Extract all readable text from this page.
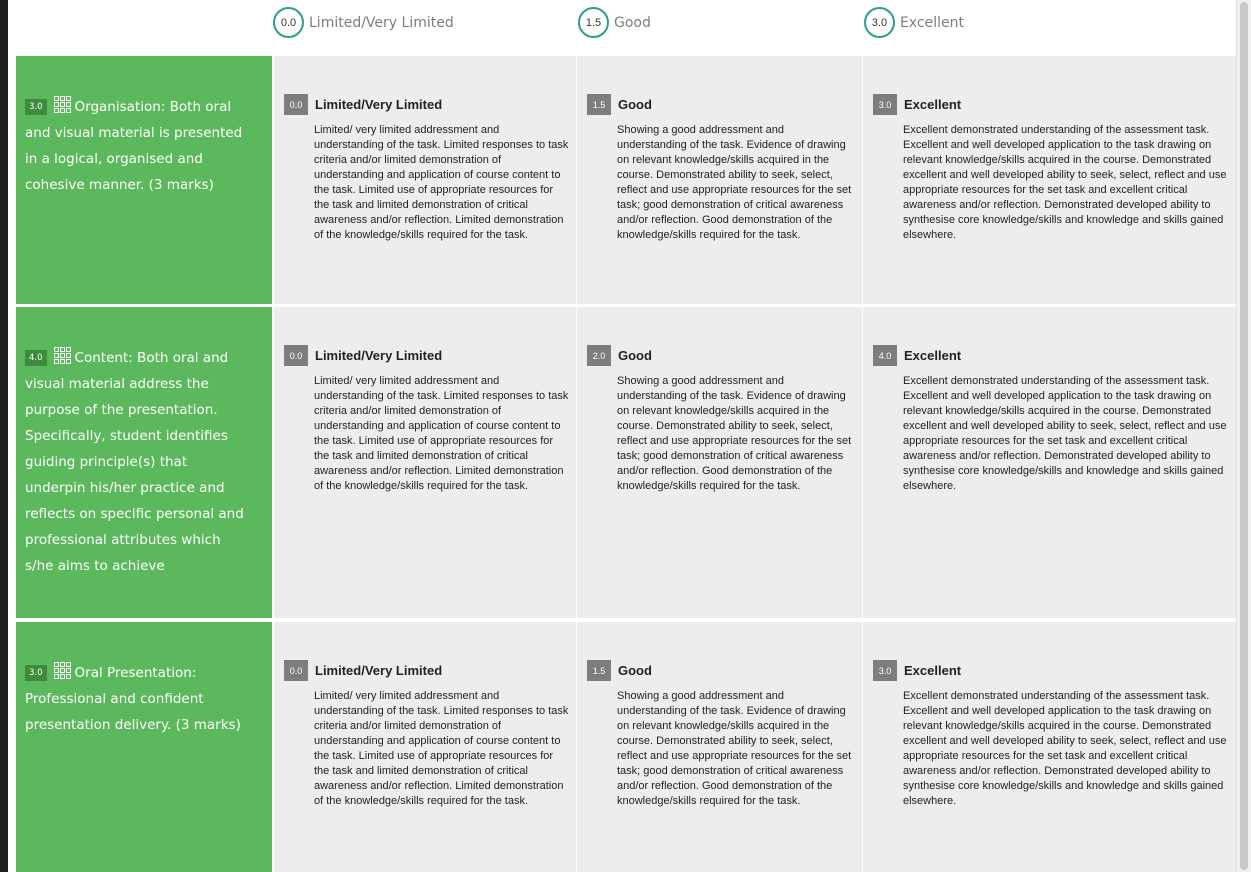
0.0 Limited/Very Limited	1.5 Good	3.0 Excellent
3.0 Organisation: Both oral and visual material is presented in a logical, organised and cohesive manner. (3 marks)
0.0 Limited/Very Limited
Limited/ very limited addressment and understanding of the task. Limited responses to task criteria and/or limited demonstration of understanding and application of course content to the task. Limited use of appropriate resources for the task and limited demonstration of critical awareness and/or reflection. Limited demonstration of the knowledge/skills required for the task.
1.5 Good
Showing a good addressment and understanding of the task. Evidence of drawing on relevant knowledge/skills acquired in the course. Demonstrated ability to seek, select, reflect and use appropriate resources for the set task; good demonstration of critical awareness and/or reflection. Good demonstration of the knowledge/skills required for the task.
3.0 Excellent
Excellent demonstrated understanding of the assessment task. Excellent and well developed application to the task drawing on relevant knowledge/skills acquired in the course. Demonstrated excellent and well developed ability to seek, select, reflect and use appropriate resources for the set task and excellent critical awareness and/or reflection. Demonstrated developed ability to synthesise core knowledge/skills and knowledge and skills gained elsewhere.
4.0 Content: Both oral and visual material address the purpose of the presentation. Specifically, student identifies guiding principle(s) that underpin his/her practice and reflects on specific personal and professional attributes which s/he aims to achieve
0.0 Limited/Very Limited
Limited/ very limited addressment and understanding of the task. Limited responses to task criteria and/or limited demonstration of understanding and application of course content to the task. Limited use of appropriate resources for the task and limited demonstration of critical awareness and/or reflection. Limited demonstration of the knowledge/skills required for the task.
2.0 Good
Showing a good addressment and understanding of the task. Evidence of drawing on relevant knowledge/skills acquired in the course. Demonstrated ability to seek, select, reflect and use appropriate resources for the set task; good demonstration of critical awareness and/or reflection. Good demonstration of the knowledge/skills required for the task.
4.0 Excellent
Excellent demonstrated understanding of the assessment task. Excellent and well developed application to the task drawing on relevant knowledge/skills acquired in the course. Demonstrated excellent and well developed ability to seek, select, reflect and use appropriate resources for the set task and excellent critical awareness and/or reflection. Demonstrated developed ability to synthesise core knowledge/skills and knowledge and skills gained elsewhere.
3.0 Oral Presentation: Professional and confident presentation delivery. (3 marks)
0.0 Limited/Very Limited
Limited/ very limited addressment and understanding of the task. Limited responses to task criteria and/or limited demonstration of understanding and application of course content to the task. Limited use of appropriate resources for the task and limited demonstration of critical awareness and/or reflection. Limited demonstration of the knowledge/skills required for the task.
1.5 Good
Showing a good addressment and understanding of the task. Evidence of drawing on relevant knowledge/skills acquired in the course. Demonstrated ability to seek, select, reflect and use appropriate resources for the set task; good demonstration of critical awareness and/or reflection. Good demonstration of the knowledge/skills required for the task.
3.0 Excellent
Excellent demonstrated understanding of the assessment task. Excellent and well developed application to the task drawing on relevant knowledge/skills acquired in the course. Demonstrated excellent and well developed ability to seek, select, reflect and use appropriate resources for the set task and excellent critical awareness and/or reflection. Demonstrated developed ability to synthesise core knowledge/skills and knowledge and skills gained elsewhere.
